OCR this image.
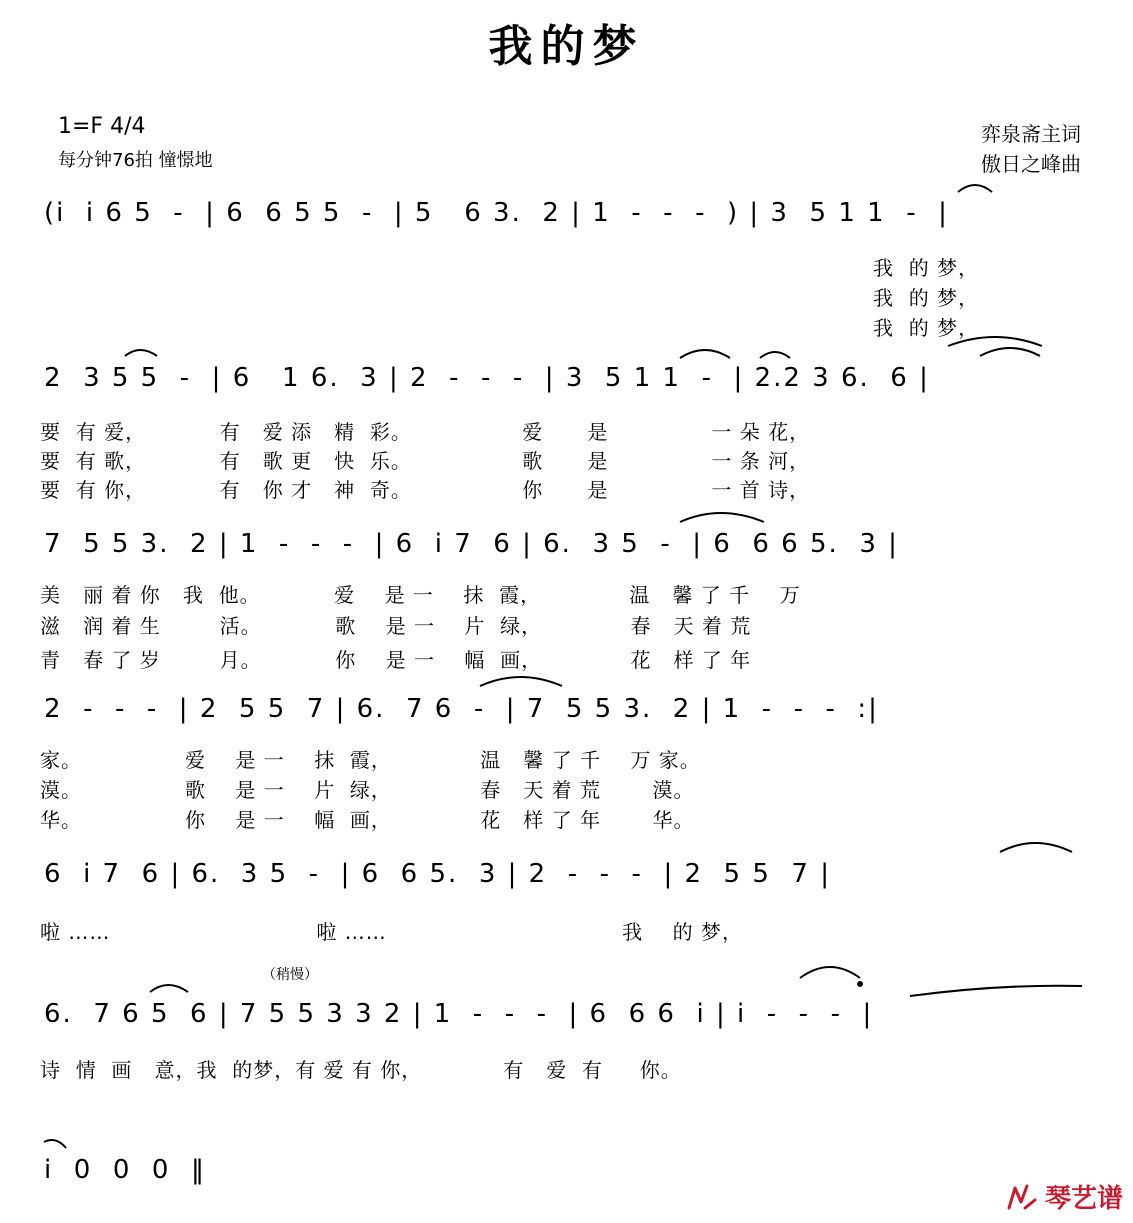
我的梦
1=F 4/4
每分钟76拍 憧憬地
弈泉斋主词
傲日之峰曲
(i  i 6 5  -  | 6  6 5 5  -  | 5   6 3.  2 | 1  -  -  -  ) | 3  5 1 1  -  |
我  的 梦，
我  的 梦，
我  的 梦，
2  3 5 5  -  | 6   1 6.  3 | 2  -  -  -  | 3  5 1 1  -  | 2.2 3 6.  6 |
要  有 爱，          有   爱 添   精  彩。               爱      是              一 朵 花，
要  有 歌，          有   歌 更   快  乐。               歌      是              一 条 河，
要  有 你，          有   你 才   神  奇。               你      是              一 首 诗，
7  5 5 3.  2 | 1  -  -  -  | 6  i 7  6 | 6.  3 5  -  | 6  6 6 5.  3 |
美   丽 着 你   我  他。          爱    是 一    抹  霞，            温   馨 了 千    万
滋   润 着 生        活。          歌    是 一    片  绿，            春   天 着 荒
青   春 了 岁        月。          你    是 一    幅  画，            花   样 了 年
2  -  -  -  | 2  5 5  7 | 6.  7 6  -  | 7  5 5 3.  2 | 1  -  -  -  :|
家。              爱    是 一    抹  霞，            温   馨 了 千    万 家。
漠。              歌    是 一    片  绿，            春   天 着 荒       漠。
华。              你    是 一    幅  画，            花   样 了 年       华。
6  i 7  6 | 6.  3 5  -  | 6  6 5.  3 | 2  -  -  -  | 2  5 5  7 |
啦 ……                            啦 ……                                我    的 梦，
（稍慢）
6.  7 6 5  6 | 7 5 5 3 3 2 | 1  -  -  -  | 6  6 6  i | i  -  -  -  |
诗  情  画   意，我  的梦，有 爱 有 你，           有   爱  有     你。
i  0  0  0  ‖
琴艺谱
